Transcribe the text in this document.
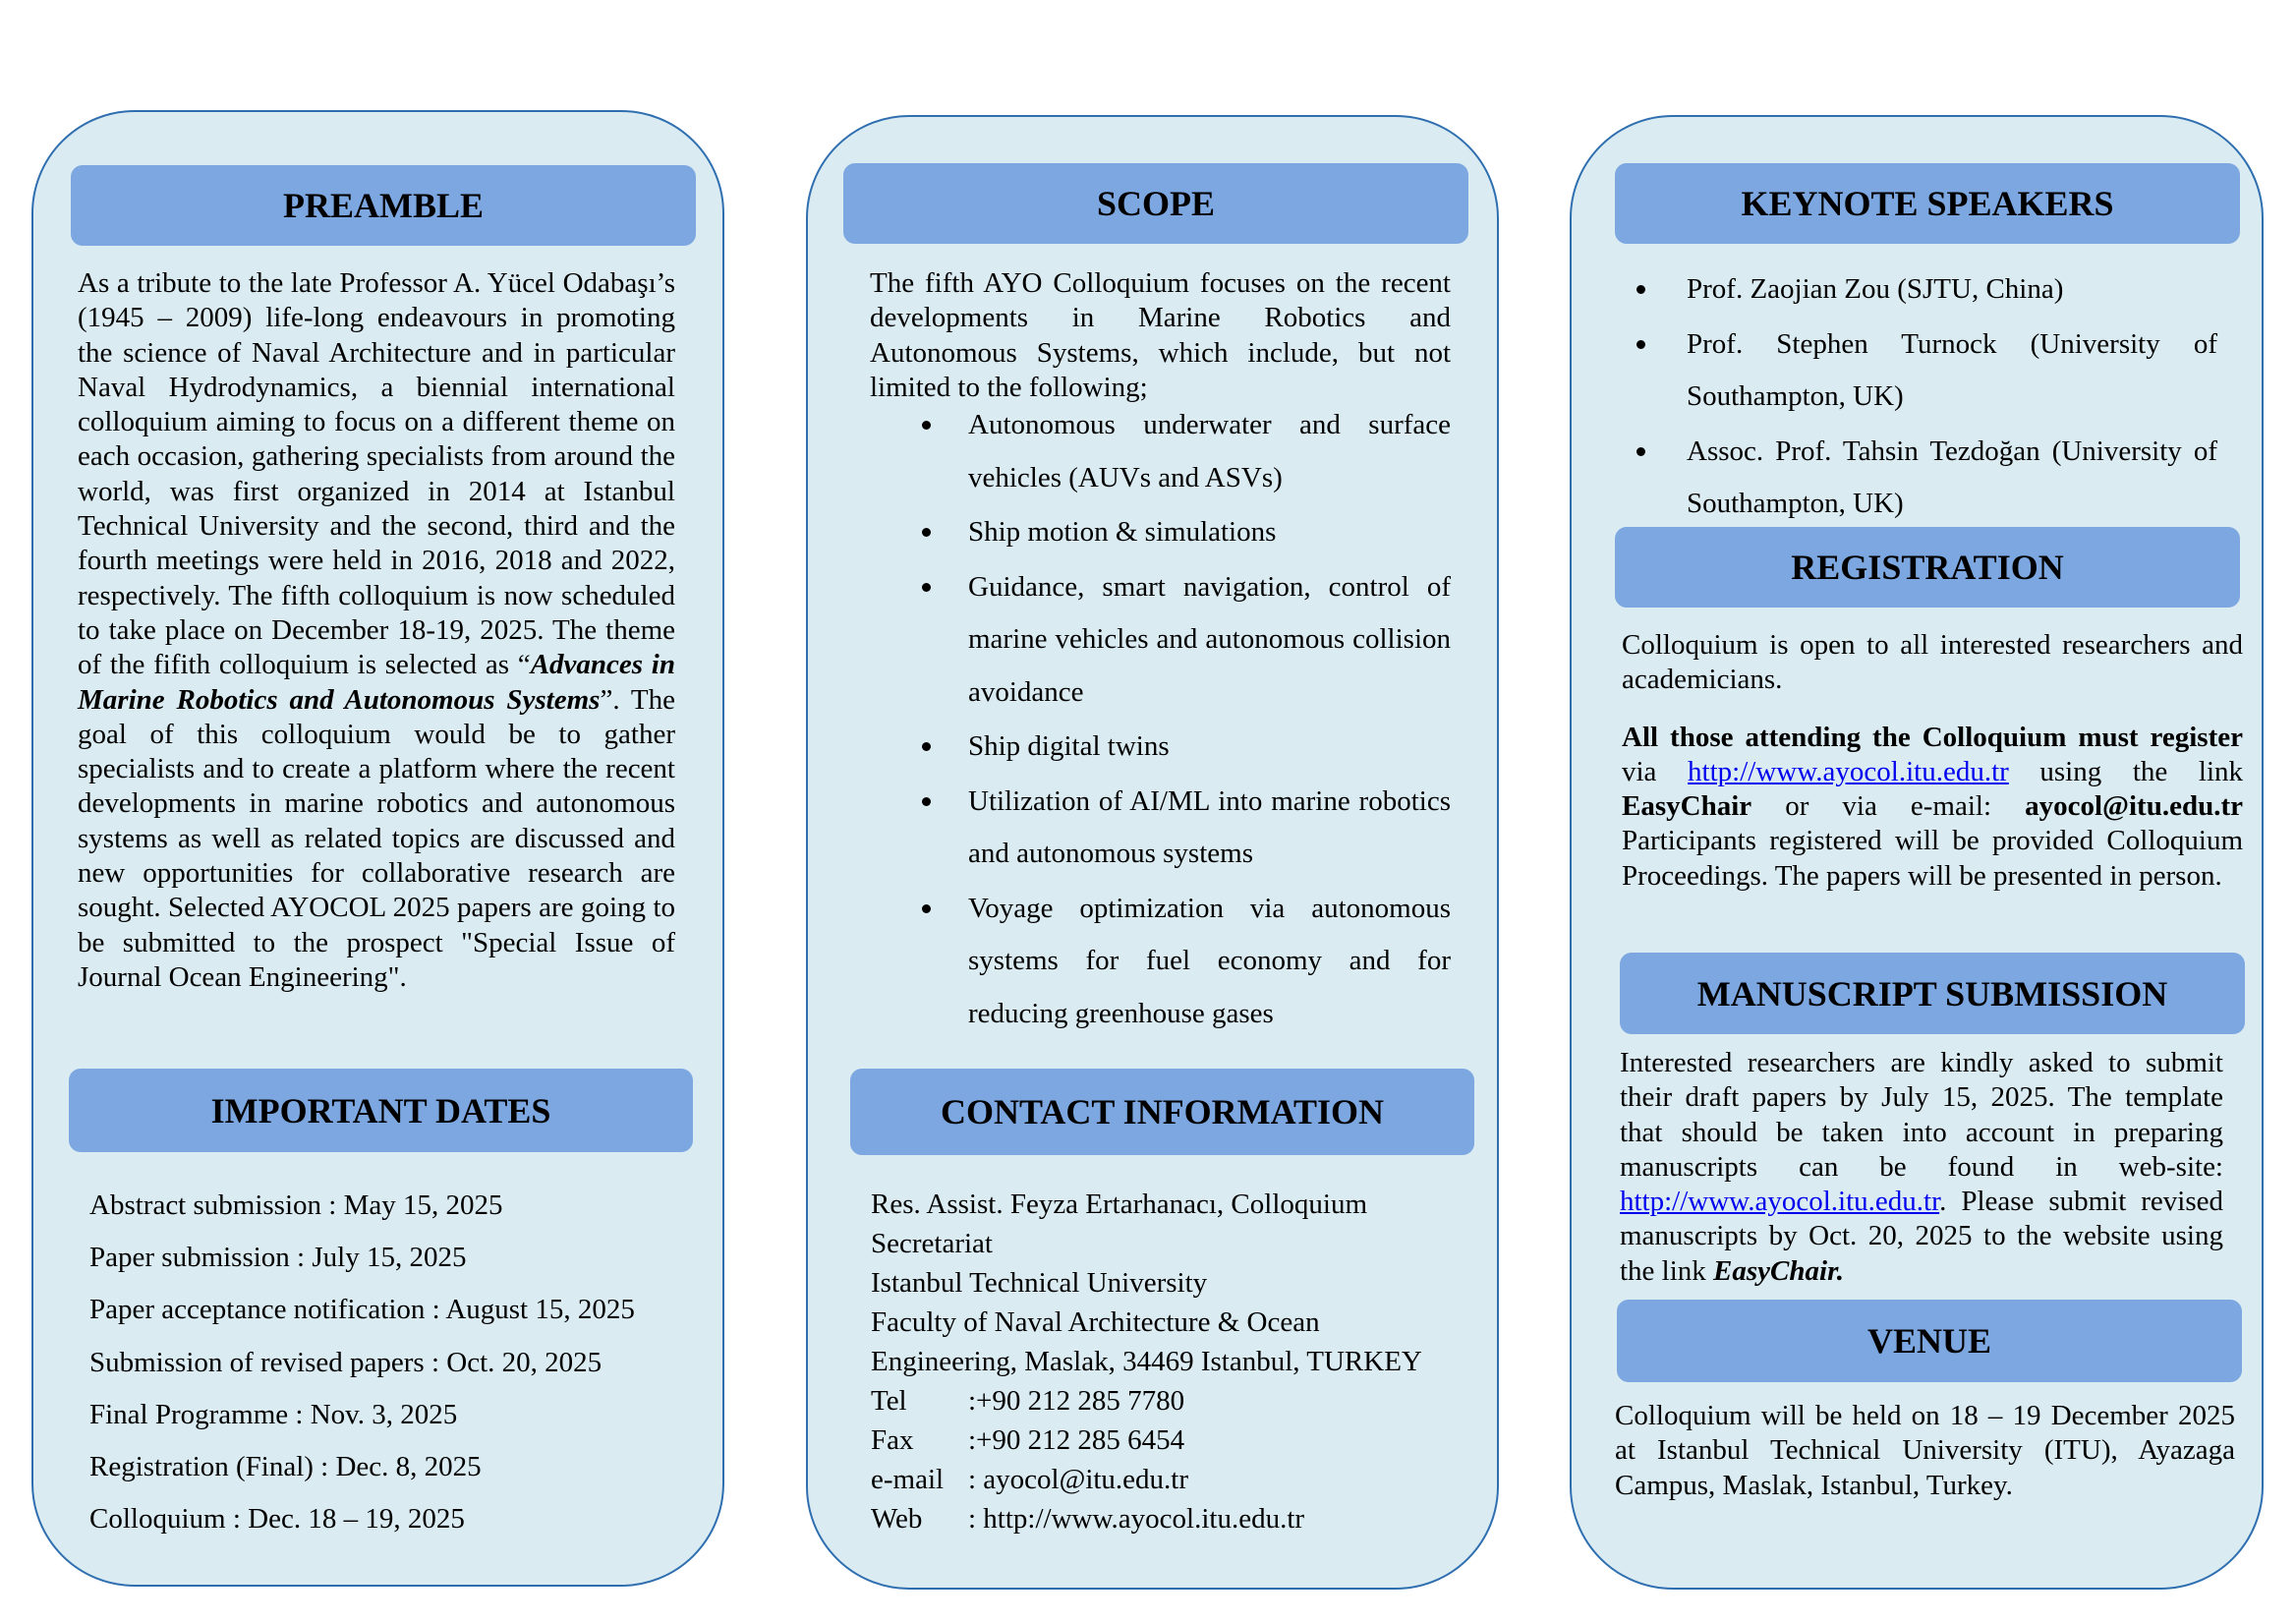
PREAMBLE

As a tribute to the late Professor A. Yücel Odabaşı’s (1945 – 2009) life-long endeavours in promoting the science of Naval Architecture and in particular Naval Hydrodynamics, a biennial international colloquium aiming to focus on a different theme on each occasion, gathering specialists from around the world, was first organized in 2014 at Istanbul Technical University and the second, third and the fourth meetings were held in 2016, 2018 and 2022, respectively. The fifth colloquium is now scheduled to take place on December 18-19, 2025. The theme of the fifith colloquium is selected as “Advances in Marine Robotics and Autonomous Systems”. The goal of this colloquium would be to gather specialists and to create a platform where the recent developments in marine robotics and autonomous systems as well as related topics are discussed and new opportunities for collaborative research are sought. Selected AYOCOL 2025 papers are going to be submitted to the prospect "Special Issue of Journal Ocean Engineering".

IMPORTANT DATES
Abstract submission : May 15, 2025
Paper submission : July 15, 2025
Paper acceptance notification : August 15, 2025
Submission of revised papers : Oct. 20, 2025
Final Programme : Nov. 3, 2025
Registration (Final) : Dec. 8, 2025
Colloquium : Dec. 18 – 19, 2025
SCOPE
The fifth AYO Colloquium focuses on the recent developments in Marine Robotics and Autonomous Systems, which include, but not limited to the following;
Autonomous underwater and surface vehicles (AUVs and ASVs)
Ship motion & simulations
Guidance, smart navigation, control of marine vehicles and autonomous collision avoidance
Ship digital twins
Utilization of AI/ML into marine robotics and autonomous systems
Voyage optimization via autonomous systems for fuel economy and for reducing greenhouse gases
CONTACT INFORMATION
Res. Assist. Feyza Ertarhanacı, Colloquium
Secretariat
Istanbul Technical University
Faculty of Naval Architecture & Ocean
Engineering, Maslak, 34469 Istanbul, TURKEY
Tel :+90 212 285 7780
Fax :+90 212 285 6454
e-mail : ayocol@itu.edu.tr
Web : http://www.ayocol.itu.edu.tr
KEYNOTE SPEAKERS
Prof. Zaojian Zou (SJTU, China)
Prof. Stephen Turnock (University of Southampton, UK)
Assoc. Prof. Tahsin Tezdoğan (University of Southampton, UK)
REGISTRATION

Colloquium is open to all interested researchers and academicians.

All those attending the Colloquium must register via http://www.ayocol.itu.edu.tr using the link EasyChair or via e-mail: ayocol@itu.edu.tr Participants registered will be provided Colloquium Proceedings. The papers will be presented in person.

MANUSCRIPT SUBMISSION

Interested researchers are kindly asked to submit their draft papers by July 15, 2025. The template that should be taken into account in preparing manuscripts can be found in web-site: http://www.ayocol.itu.edu.tr. Please submit revised manuscripts by Oct. 20, 2025 to the website using the link EasyChair.

VENUE
Colloquium will be held on 18 – 19 December 2025 at Istanbul Technical University (ITU), Ayazaga Campus, Maslak, Istanbul, Turkey.
